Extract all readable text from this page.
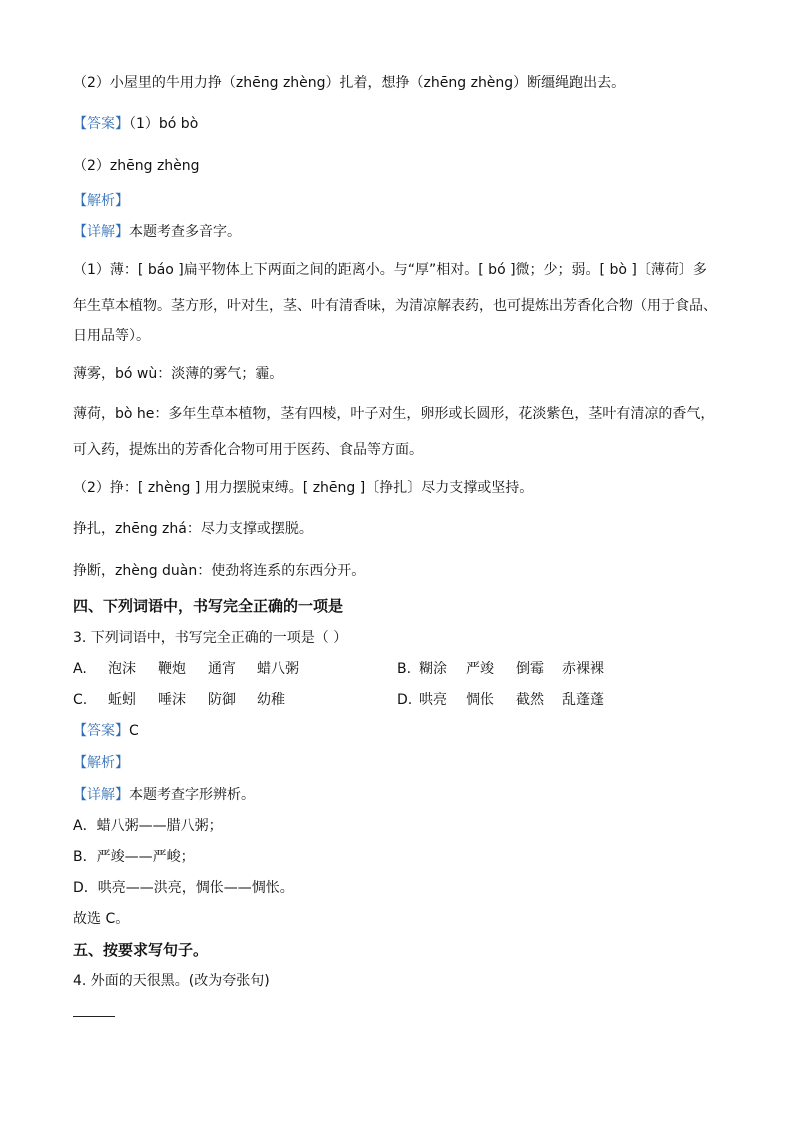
（2）小屋里的牛用力挣（zhēng zhèng）扎着，想挣（zhēng zhèng）断缰绳跑出去。
【答案】（1）bó bò
（2）zhēng zhèng
【解析】
【详解】本题考查多音字。
（1）薄：[ báo ]扁平物体上下两面之间的距离小。与“厚”相对。[ bó ]微；少；弱。[ bò ]〔薄荷〕多
年生草本植物。茎方形，叶对生，茎、叶有清香味，为清凉解表药，也可提炼出芳香化合物（用于食品、
日用品等）。
薄雾，bó wù：淡薄的雾气；霾。
薄荷，bò he：多年生草本植物，茎有四棱，叶子对生，卵形或长圆形，花淡紫色，茎叶有清凉的香气，
可入药，提炼出的芳香化合物可用于医药、食品等方面。
（2）挣：[ zhèng ] 用力摆脱束缚。[ zhēng ]〔挣扎〕尽力支撑或坚持。
挣扎，zhēng zhá：尽力支撑或摆脱。
挣断，zhèng duàn：使劲将连系的东西分开。
四、下列词语中，书写完全正确的一项是
3. 下列词语中，书写完全正确的一项是（ ）
A. 泡沫 鞭炮 通宵 蜡八粥	B. 糊涂 严竣 倒霉 赤裸裸
C. 蚯蚓 唾沫 防御 幼稚	D. 哄亮 惆伥 截然 乱蓬蓬
【答案】C
【解析】
【详解】本题考查字形辨析。
A．蜡八粥——腊八粥；
B．严竣——严峻；
D．哄亮——洪亮，惆伥——惆怅。
故选 C。
五、按要求写句子。
4. 外面的天很黑。(改为夸张句)
